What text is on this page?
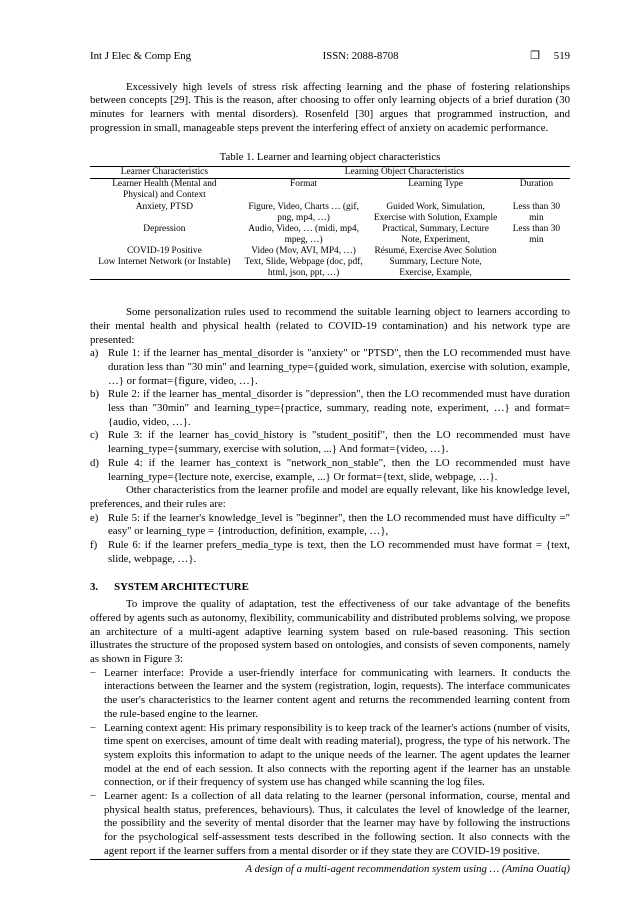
Int J Elec & Comp Eng	ISSN: 2088-8708	❒ 519

Excessively high levels of stress risk affecting learning and the phase of fostering relationships between concepts [29]. This is the reason, after choosing to offer only learning objects of a brief duration (30 minutes for learners with mental disorders). Rosenfeld [30] argues that programmed instruction, and progression in small, manageable steps prevent the interfering effect of anxiety on academic performance.

Table 1. Learner and learning object characteristics
Learner Characteristics	Learning Object Characteristics		
Learner Health (Mental and Physical) and Context	Format	Learning Type	Duration
Anxiety, PTSD	Figure, Video, Charts … (gif, png, mp4, …)	Guided Work, Simulation, Exercise with Solution, Example	Less than 30 min
Depression	Audio, Video, … (midi, mp4, mpeg, …)	Practical, Summary, Lecture Note, Experiment,	Less than 30 min
COVID-19 Positive	Video (Mov, AVI, MP4, …)	Résumé, Exercise Avec Solution	
Low Internet Network (or Instable)	Text, Slide, Webpage (doc, pdf, html, json, ppt, …)	Summary, Lecture Note, Exercise, Example,	

Some personalization rules used to recommend the suitable learning object to learners according to their mental health and physical health (related to COVID-19 contamination) and his network type are presented:

a) Rule 1: if the learner has_mental_disorder is "anxiety" or "PTSD", then the LO recommended must have duration less than "30 min" and learning_type={guided work, simulation, exercise with solution, example, …} or format={figure, video, …}.
b) Rule 2: if the learner has_mental_disorder is "depression", then the LO recommended must have duration less than "30min" and learning_type={practice, summary, reading note, experiment, …} and format={audio, video, …}.
c) Rule 3: if the learner has_covid_history is "student_positif", then the LO recommended must have learning_type={summary, exercise with solution, ...} And format={video, …}.
d) Rule 4: if the learner has_context is "network_non_stable", then the LO recommended must have learning_type={lecture note, exercise, example, ...} Or format={text, slide, webpage, …}.

Other characteristics from the learner profile and model are equally relevant, like his knowledge level, preferences, and their rules are:

e) Rule 5: if the learner's knowledge_level is "beginner", then the LO recommended must have difficulty =" easy" or learning_type = {introduction, definition, example, …},
f) Rule 6: if the learner prefers_media_type is text, then the LO recommended must have format = {text, slide, webpage, …}.
3. SYSTEM ARCHITECTURE

To improve the quality of adaptation, test the effectiveness of our take advantage of the benefits offered by agents such as autonomy, flexibility, communicability and distributed problems solving, we propose an architecture of a multi-agent adaptive learning system based on rule-based reasoning. This section illustrates the structure of the proposed system based on ontologies, and consists of seven components, namely as shown in Figure 3:

− Learner interface: Provide a user-friendly interface for communicating with learners. It conducts the interactions between the learner and the system (registration, login, requests). The interface communicates the user's characteristics to the learner content agent and returns the recommended learning content from the rule-based engine to the learner.
− Learning context agent: His primary responsibility is to keep track of the learner's actions (number of visits, time spent on exercises, amount of time dealt with reading material), progress, the type of his network. The system exploits this information to adapt to the unique needs of the learner. The agent updates the learner model at the end of each session. It also connects with the reporting agent if the learner has an unstable connection, or if their frequency of system use has changed while scanning the log files.
− Learner agent: Is a collection of all data relating to the learner (personal information, course, mental and physical health status, preferences, behaviours). Thus, it calculates the level of knowledge of the learner, the possibility and the severity of mental disorder that the learner may have by following the instructions for the psychological self-assessment tests described in the following section. It also connects with the agent report if the learner suffers from a mental disorder or if they state they are COVID-19 positive.
A design of a multi-agent recommendation system using … (Amina Ouatiq)
